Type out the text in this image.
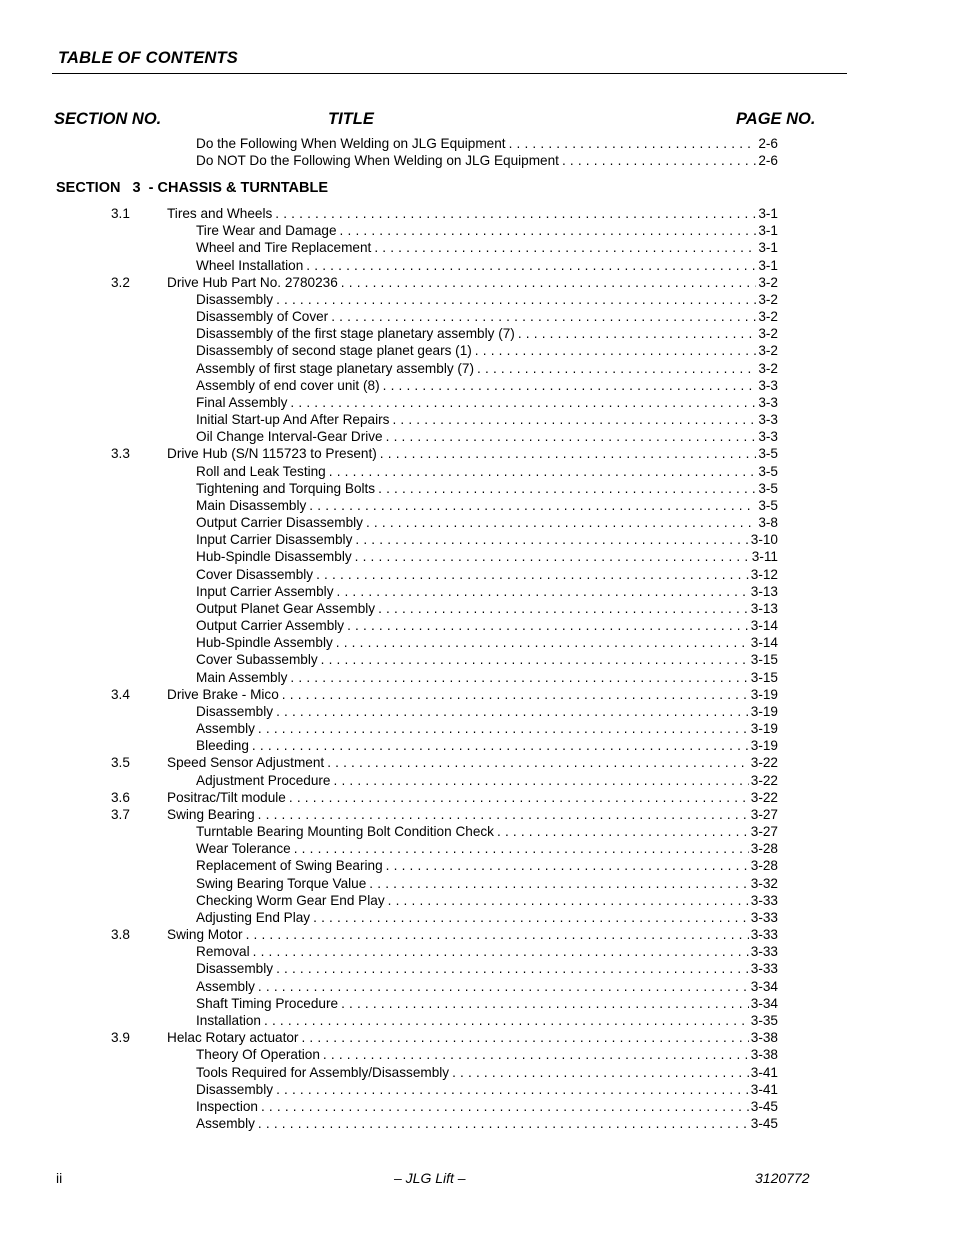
TABLE OF CONTENTS
SECTION NO.	TITLE	PAGE NO.
Do the Following When Welding on JLG Equipment . . .	2-6
Do NOT Do the Following When Welding on JLG Equipment . . .	2-6
SECTION   3  - CHASSIS & TURNTABLE
3.1	Tires and Wheels . . .	3-1
Tire Wear and Damage . . .	3-1
Wheel and Tire Replacement . . .	3-1
Wheel Installation . . .	3-1
3.2	Drive Hub Part No. 2780236 . . .	3-2
Disassembly . . .	3-2
Disassembly of Cover . . .	3-2
Disassembly of the first stage planetary assembly (7) . . .	3-2
Disassembly of second stage planet gears (1) . . .	3-2
Assembly of first stage planetary assembly (7) . . .	3-2
Assembly of end cover unit (8) . . .	3-3
Final Assembly . . .	3-3
Initial Start-up And After Repairs . . .	3-3
Oil Change Interval-Gear Drive . . .	3-3
3.3	Drive Hub (S/N 115723 to Present) . . .	3-5
Roll and Leak Testing . . .	3-5
Tightening and Torquing Bolts . . .	3-5
Main Disassembly . . .	3-5
Output Carrier Disassembly . . .	3-8
Input Carrier Disassembly . . .	3-10
Hub-Spindle Disassembly . . .	3-11
Cover Disassembly . . .	3-12
Input Carrier Assembly . . .	3-13
Output Planet Gear Assembly . . .	3-13
Output Carrier Assembly . . .	3-14
Hub-Spindle Assembly . . .	3-14
Cover Subassembly . . .	3-15
Main Assembly . . .	3-15
3.4	Drive Brake - Mico . . .	3-19
Disassembly . . .	3-19
Assembly . . .	3-19
Bleeding . . .	3-19
3.5	Speed Sensor Adjustment . . .	3-22
Adjustment Procedure . . .	3-22
3.6	Positrac/Tilt module . . .	3-22
3.7	Swing Bearing . . .	3-27
Turntable Bearing Mounting Bolt Condition Check . . .	3-27
Wear Tolerance . . .	3-28
Replacement of Swing Bearing . . .	3-28
Swing Bearing Torque Value . . .	3-32
Checking Worm Gear End Play . . .	3-33
Adjusting End Play . . .	3-33
3.8	Swing Motor . . .	3-33
Removal . . .	3-33
Disassembly . . .	3-33
Assembly . . .	3-34
Shaft Timing Procedure . . .	3-34
Installation . . .	3-35
3.9	Helac Rotary actuator . . .	3-38
Theory Of Operation . . .	3-38
Tools Required for Assembly/Disassembly . . .	3-41
Disassembly . . .	3-41
Inspection . . .	3-45
Assembly . . .	3-45
ii	– JLG Lift –	3120772
